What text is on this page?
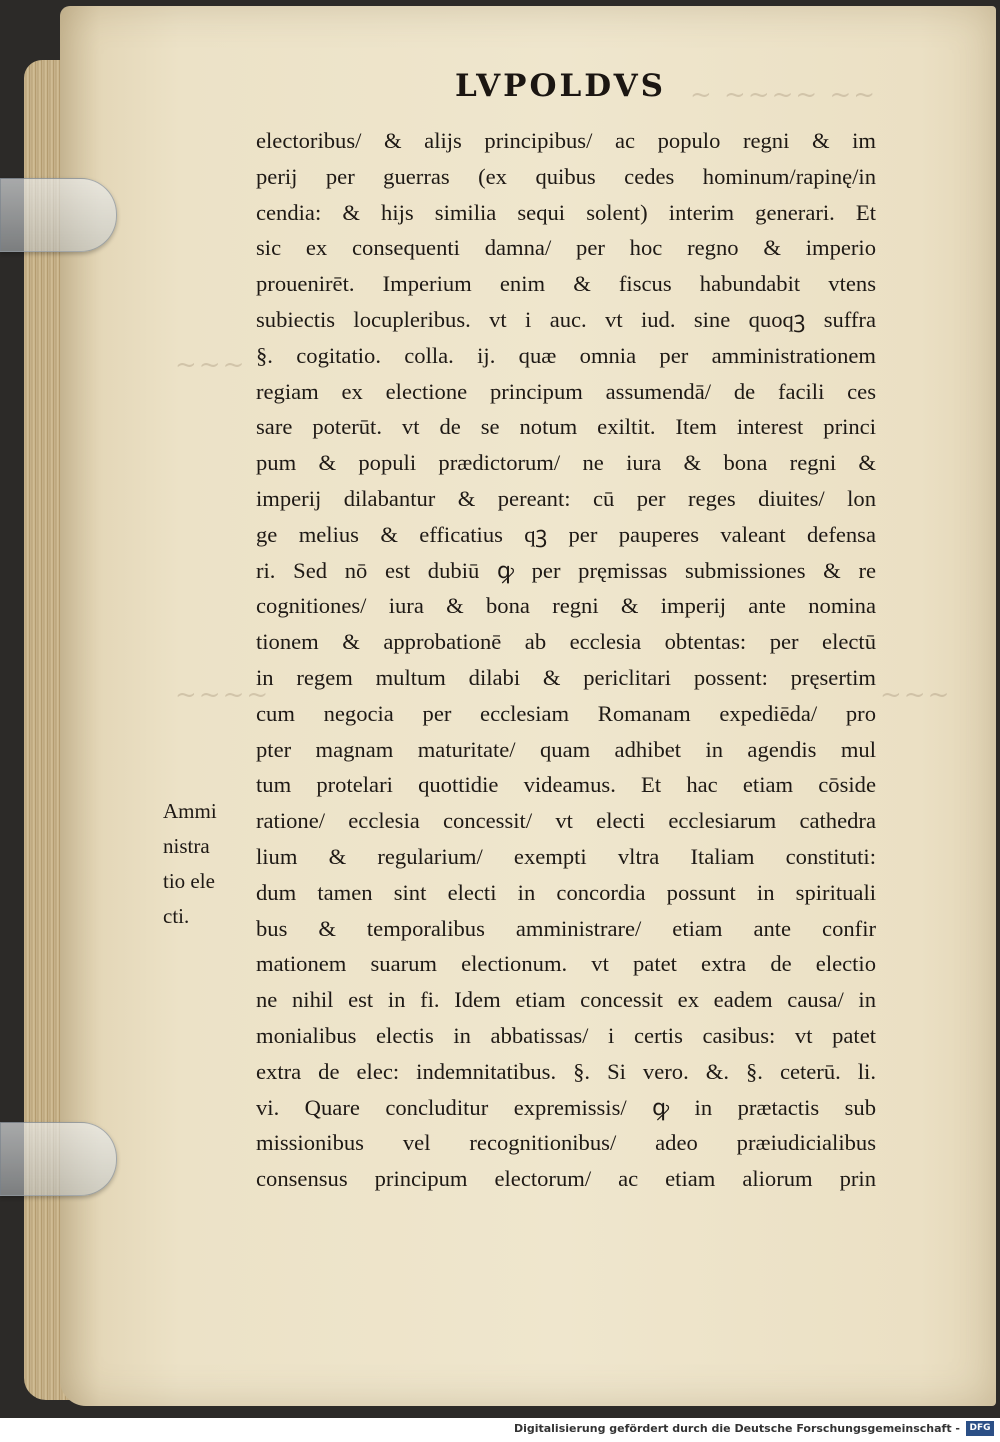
~ ~~~~ ~~
~~~
~~~~	~~~
LVPOLDVS
electoribus/ & alijs principibus/ ac populo regni & im
perij per guerras (ex quibus cedes hominum/rapinę/in
cendia: & hijs similia sequi solent) interim generari. Et
sic ex consequenti damna/ per hoc regno & imperio
prouenirēt. Imperium enim & fiscus habundabit vtens
subiectis locupleribus. vt i auc. vt iud. sine quoqꝫ suffra
§. cogitatio. colla. ij. quæ omnia per amministrationem
regiam ex electione principum assumendā/ de facili ces
sare poterūt. vt de se notum exiltit. Item interest princi
pum & populi prædictorum/ ne iura & bona regni &
imperij dilabantur & pereant: cū per reges diuites/ lon
ge melius & efficatius qꝫ per pauperes valeant defensa
ri. Sed nō est dubiū ꝙ per pręmissas submissiones & re
cognitiones/ iura & bona regni & imperij ante nomina
tionem & approbationē ab ecclesia obtentas: per electū
in regem multum dilabi & periclitari possent: pręsertim
cum negocia per ecclesiam Romanam expediēda/ pro
pter magnam maturitate/ quam adhibet in agendis mul
tum protelari quottidie videamus. Et hac etiam cōside
ratione/ ecclesia concessit/ vt electi ecclesiarum cathedra
lium & regularium/ exempti vltra Italiam constituti:
dum tamen sint electi in concordia possunt in spirituali
bus & temporalibus amministrare/ etiam ante confir
mationem suarum electionum. vt patet extra de electio
ne nihil est in fi. Idem etiam concessit ex eadem causa/ in
monialibus electis in abbatissas/ i certis casibus: vt patet
extra de elec: indemnitatibus. §. Si vero. &. §. ceterū. li.
vi. Quare concluditur expremissis/ ꝙ in prætactis sub
missionibus vel recognitionibus/ adeo præiudicialibus
consensus principum electorum/ ac etiam aliorum prin
Ammi
nistra
tio ele
cti.
Digitalisierung gefördert durch die Deutsche Forschungsgemeinschaft -	DFG
